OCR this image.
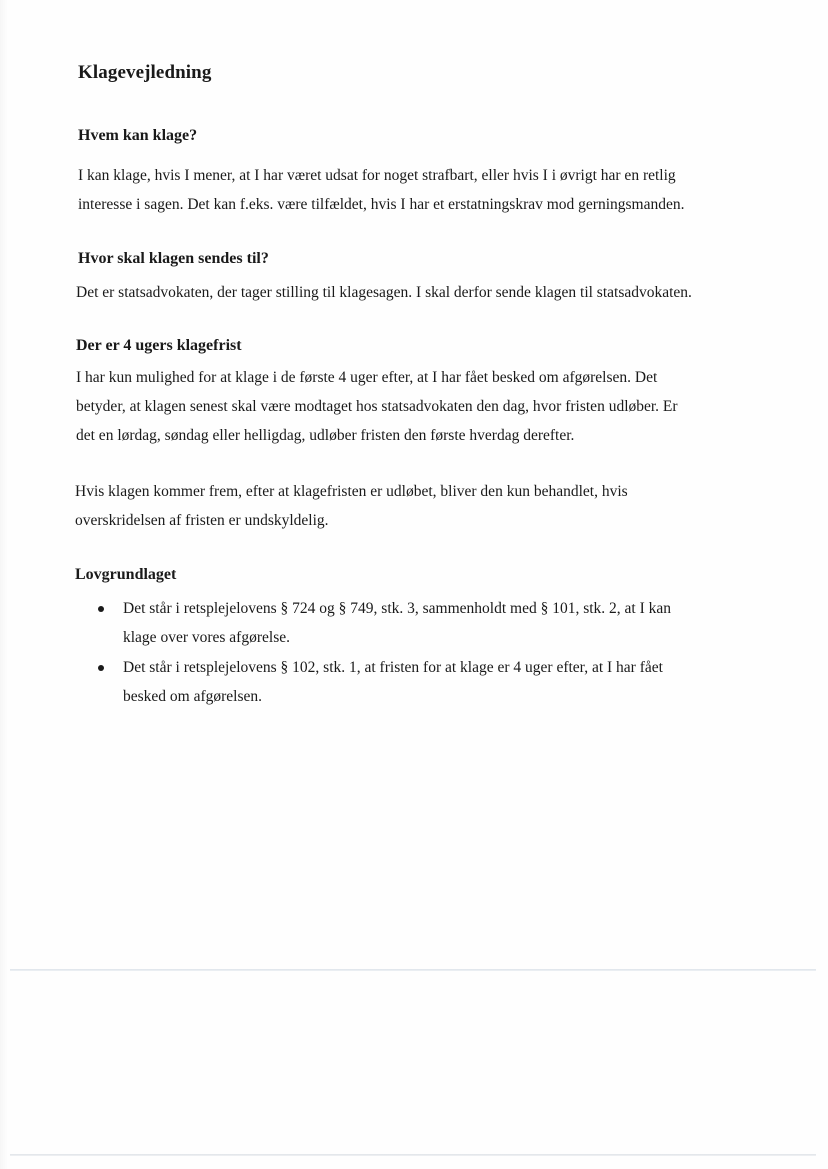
Klagevejledning
Hvem kan klage?

I kan klage, hvis I mener, at I har været udsat for noget strafbart, eller hvis I i øvrigt har en retlig
interesse i sagen. Det kan f.eks. være tilfældet, hvis I har et erstatningskrav mod gerningsmanden.

Hvor skal klagen sendes til?

Det er statsadvokaten, der tager stilling til klagesagen. I skal derfor sende klagen til statsadvokaten.

Der er 4 ugers klagefrist

I har kun mulighed for at klage i de første 4 uger efter, at I har fået besked om afgørelsen. Det
betyder, at klagen senest skal være modtaget hos statsadvokaten den dag, hvor fristen udløber. Er
det en lørdag, søndag eller helligdag, udløber fristen den første hverdag derefter.

Hvis klagen kommer frem, efter at klagefristen er udløbet, bliver den kun behandlet, hvis
overskridelsen af fristen er undskyldelig.

Lovgrundlaget
Det står i retsplejelovens § 724 og § 749, stk. 3, sammenholdt med § 101, stk. 2, at I kan
klage over vores afgørelse.
Det står i retsplejelovens § 102, stk. 1, at fristen for at klage er 4 uger efter, at I har fået
besked om afgørelsen.
